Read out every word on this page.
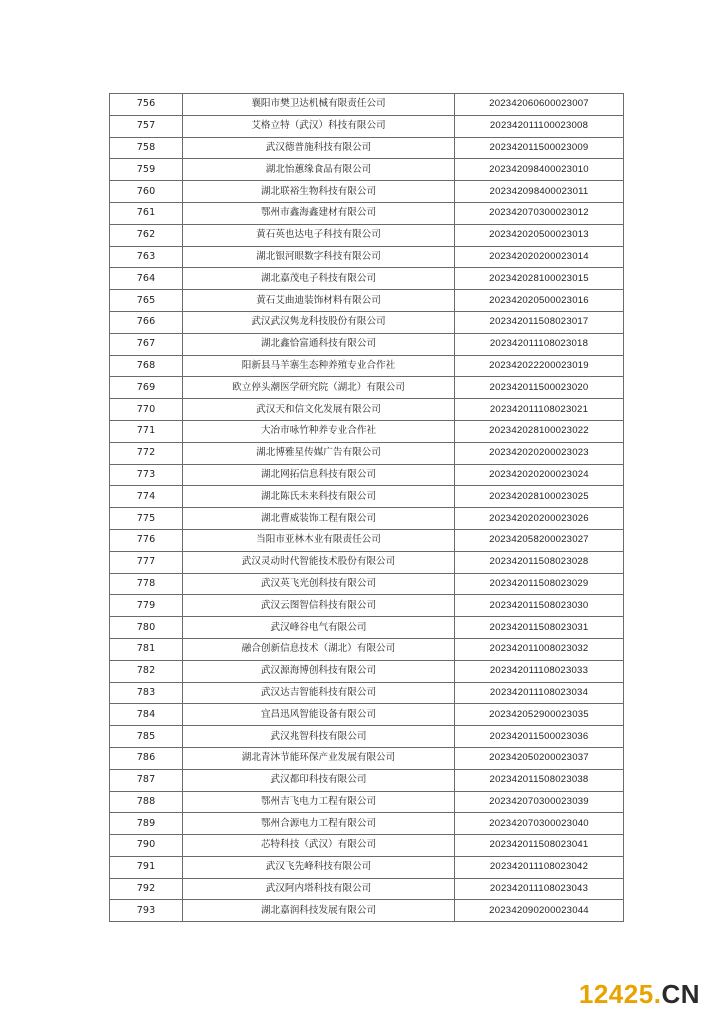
756	襄阳市樊卫达机械有限责任公司	202342060600023007
757	艾格立特（武汉）科技有限公司	202342011100023008
758	武汉德普施科技有限公司	202342011500023009
759	湖北怡蕙缘食品有限公司	202342098400023010
760	湖北联裕生物科技有限公司	202342098400023011
761	鄂州市鑫海鑫建材有限公司	202342070300023012
762	黄石英也达电子科技有限公司	202342020500023013
763	湖北银河眼数字科技有限公司	202342020200023014
764	湖北嘉茂电子科技有限公司	202342028100023015
765	黄石艾曲迪装饰材料有限公司	202342020500023016
766	武汉武汉隽龙科技股份有限公司	202342011508023017
767	湖北鑫恰富通科技有限公司	202342011108023018
768	阳新县马羊寨生态种养殖专业合作社	202342022200023019
769	欧立停头潮医学研究院（湖北）有限公司	202342011500023020
770	武汉天和信文化发展有限公司	202342011108023021
771	大冶市咏竹种养专业合作社	202342028100023022
772	湖北博雅星传媒广告有限公司	202342020200023023
773	湖北网拓信息科技有限公司	202342020200023024
774	湖北陈氏未来科技有限公司	202342028100023025
775	湖北曹威装饰工程有限公司	202342020200023026
776	当阳市亚林木业有限责任公司	202342058200023027
777	武汉灵动时代智能技术股份有限公司	202342011508023028
778	武汉英飞光创科技有限公司	202342011508023029
779	武汉云图智信科技有限公司	202342011508023030
780	武汉峰谷电气有限公司	202342011508023031
781	融合创新信息技术（湖北）有限公司	202342011008023032
782	武汉源海博创科技有限公司	202342011108023033
783	武汉达吉智能科技有限公司	202342011108023034
784	宜昌迅风智能设备有限公司	202342052900023035
785	武汉兆智科技有限公司	202342011500023036
786	湖北青沐节能环保产业发展有限公司	202342050200023037
787	武汉都印科技有限公司	202342011508023038
788	鄂州吉飞电力工程有限公司	202342070300023039
789	鄂州合源电力工程有限公司	202342070300023040
790	芯特科技（武汉）有限公司	202342011508023041
791	武汉飞先峰科技有限公司	202342011108023042
792	武汉阿内塔科技有限公司	202342011108023043
793	湖北嘉润科技发展有限公司	202342090200023044
12425.CN
